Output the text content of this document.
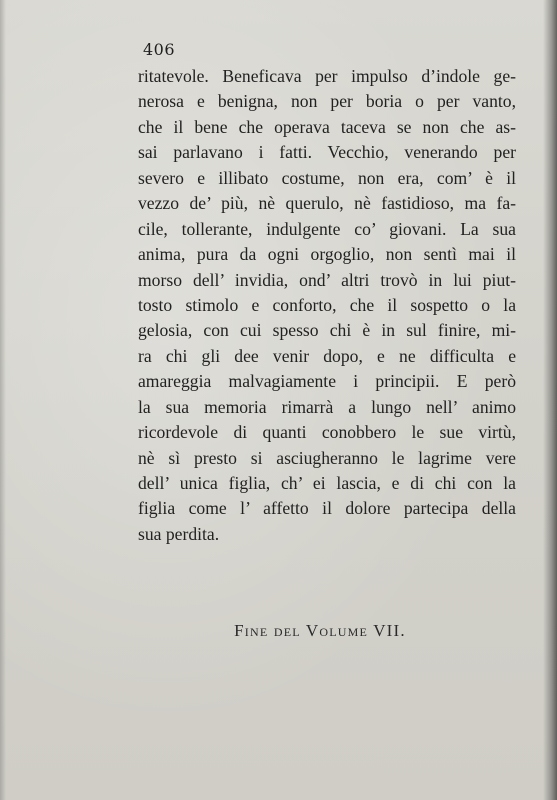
406
ritatevole. Beneficava per impulso d’indole ge-
nerosa e benigna, non per boria o per vanto,
che il bene che operava taceva se non che as-
sai parlavano i fatti. Vecchio, venerando per
severo e illibato costume, non era, com’ è il
vezzo de’ più, nè querulo, nè fastidioso, ma fa-
cile, tollerante, indulgente co’ giovani. La sua
anima, pura da ogni orgoglio, non sentì mai il
morso dell’ invidia, ond’ altri trovò in lui piut-
tosto stimolo e conforto, che il sospetto o la
gelosia, con cui spesso chi è in sul finire, mi-
ra chi gli dee venir dopo, e ne difficulta e
amareggia malvagiamente i principii. E però
la sua memoria rimarrà a lungo nell’ animo
ricordevole di quanti conobbero le sue virtù,
nè sì presto si asciugheranno le lagrime vere
dell’ unica figlia, ch’ ei lascia, e di chi con la
figlia come l’ affetto il dolore partecipa della
sua perdita.
Fine del Volume VII.
